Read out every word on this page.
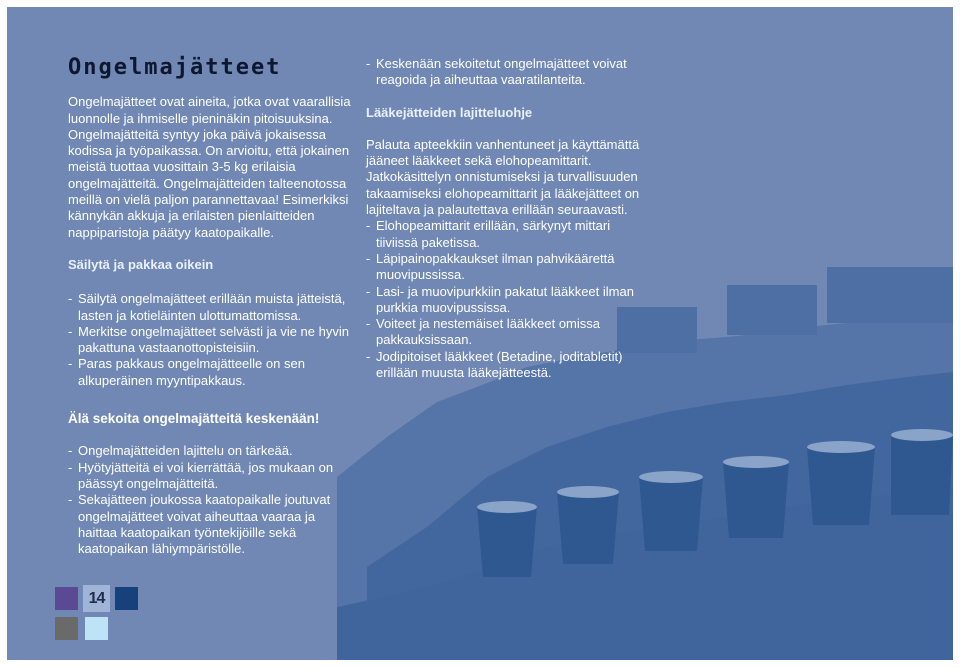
Ongelmajätteet

Ongelmajätteet ovat aineita, jotka ovat vaarallisia luonnolle ja ihmiselle pieninäkin pitoisuuksina. Ongelmajätteitä syntyy joka päivä jokaisessa kodissa ja työpaikassa. On arvioitu, että jokainen meistä tuottaa vuosittain 3-5 kg erilaisia ongelmajätteitä. Ongelmajätteiden talteenotossa meillä on vielä paljon parannettavaa! Esimerkiksi kännykän akkuja ja erilaisten pienlaitteiden nappiparistoja päätyy kaatopaikalle.

Säilytä ja pakkaa oikein

- Säilytä ongelmajätteet erillään muista jätteistä, lasten ja kotieläinten ulottumattomissa.

- Merkitse ongelmajätteet selvästi ja vie ne hyvin pakattuna vastaanottopisteisiin.

- Paras pakkaus ongelmajätteelle on sen alkuperäinen myyntipakkaus.

Älä sekoita ongelmajätteitä keskenään!

- Ongelmajätteiden lajittelu on tärkeää.

- Hyötyjätteitä ei voi kierrättää, jos mukaan on päässyt ongelmajätteitä.

- Sekajätteen joukossa kaatopaikalle joutuvat ongelmajätteet voivat aiheuttaa vaaraa ja haittaa kaatopaikan työntekijöille sekä kaatopaikan lähiympäristölle.

- Keskenään sekoitetut ongelmajätteet voivat reagoida ja aiheuttaa vaaratilanteita.

Lääkejätteiden lajitteluohje

Palauta apteekkiin vanhentuneet ja käyttämättä jääneet lääkkeet sekä elohopeamittarit. Jatkokäsittelyn onnistumiseksi ja turvallisuuden takaamiseksi elohopeamittarit ja lääkejätteet on lajiteltava ja palautettava erillään seuraavasti.

- Elohopeamittarit erillään, särkynyt mittari tiiviissä paketissa.

- Läpipainopakkaukset ilman pahvikäärettä muovipussissa.

- Lasi- ja muovipurkkiin pakatut lääkkeet ilman purkkia muovipussissa.

- Voiteet ja nestemäiset lääkkeet omissa pakkauksissaan.

- Jodipitoiset lääkkeet (Betadine, joditabletit) erillään muusta lääkejätteestä.

14
